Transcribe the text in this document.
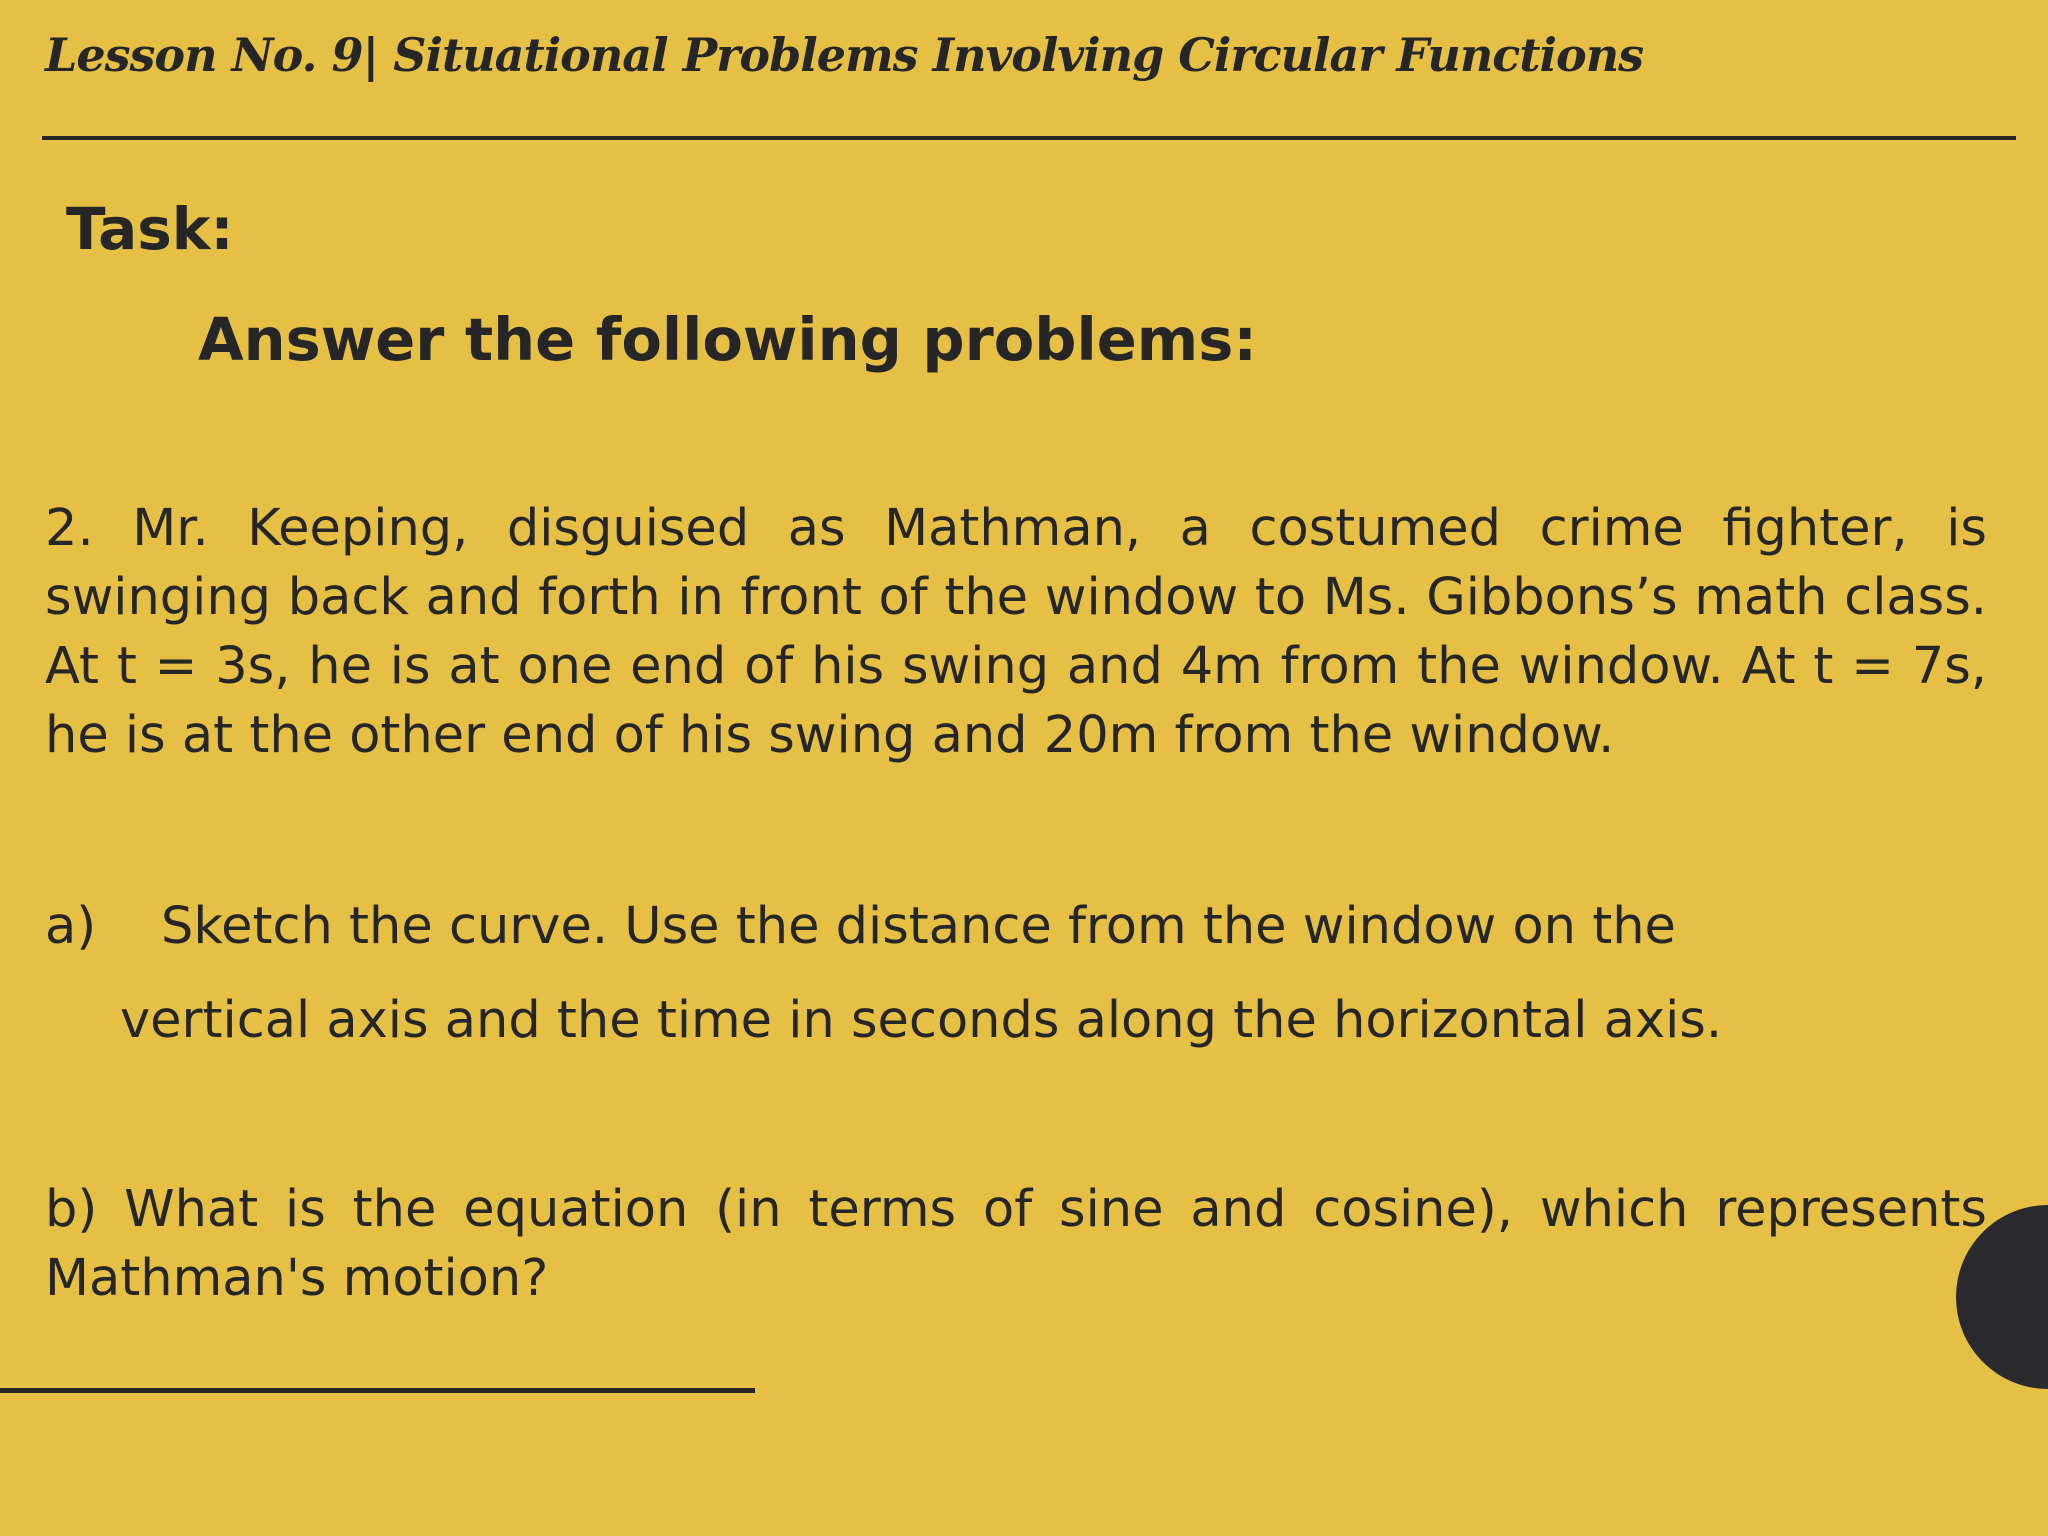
Lesson No. 9| Situational Problems Involving Circular Functions
Task:
Answer the following problems:
2. Mr. Keeping, disguised as Mathman, a costumed crime fighter, is swinging back and forth in front of the window to Ms. Gibbons’s math class. At t = 3s, he is at one end of his swing and 4m from the window. At t = 7s, he is at the other end of his swing and 20m from the window.
a) Sketch the curve. Use the distance from the window on the
vertical axis and the time in seconds along the horizontal axis.
b) What is the equation (in terms of sine and cosine), which represents Mathman's motion?
